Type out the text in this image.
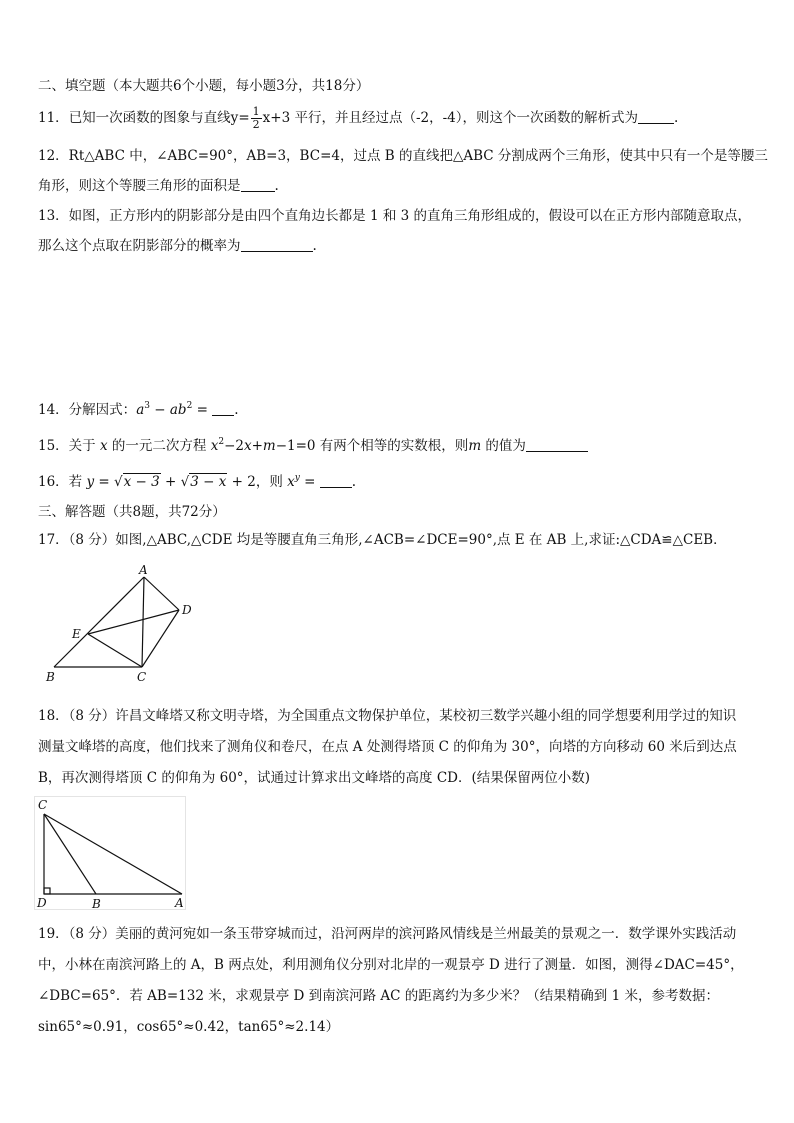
二、填空题（本大题共6个小题，每小题3分，共18分）
11．已知一次函数的图象与直线$y= \frac{1}{2} x+3$ 平行，并且经过点（-2，-4），则这个一次函数的解析式为	.
12．Rt△ABC 中，∠ABC=90°，AB=3，BC=4，过点 B 的直线把△ABC 分割成两个三角形，使其中只有一个是等腰三
角形，则这个等腰三角形的面积是	.
13．如图，正方形内的阴影部分是由四个直角边长都是 1 和 3 的直角三角形组成的，假设可以在正方形内部随意取点，
那么这个点取在阴影部分的概率为	.
14．分解因式：$a^3 - ab^2$ = .
15．关于 x 的一元二次方程 $x^2-2x+m-1=0$ 有两个相等的实数根，则m 的值为
16．若 y = √x − 3 + √3 − x + 2，则 $x^y$ = .
三、解答题（共8题，共72分）
17．（8 分）如图,△ABC,△CDE 均是等腰直角三角形,∠ACB=∠DCE=90°,点 E 在 AB 上,求证:△CDA≌△CEB．
A
B	C
D
E
18．（8 分）许昌文峰塔又称文明寺塔，为全国重点文物保护单位，某校初三数学兴趣小组的同学想要利用学过的知识
测量文峰塔的高度，他们找来了测角仪和卷尺，在点 A 处测得塔顶 C 的仰角为 30°，向塔的方向移动 60 米后到达点
B，再次测得塔顶 C 的仰角为 60°，试通过计算求出文峰塔的高度 CD．(结果保留两位小数)
C
D	B	A
19．（8 分）美丽的黄河宛如一条玉带穿城而过，沿河两岸的滨河路风情线是兰州最美的景观之一．数学课外实践活动
中，小林在南滨河路上的 A，B 两点处，利用测角仪分别对北岸的一观景亭 D 进行了测量．如图，测得∠DAC=45°，
∠DBC=65°．若 AB=132 米，求观景亭 D 到南滨河路 AC 的距离约为多少米？（结果精确到 1 米，参考数据：
sin65°≈0.91，cos65°≈0.42，tan65°≈2.14）
